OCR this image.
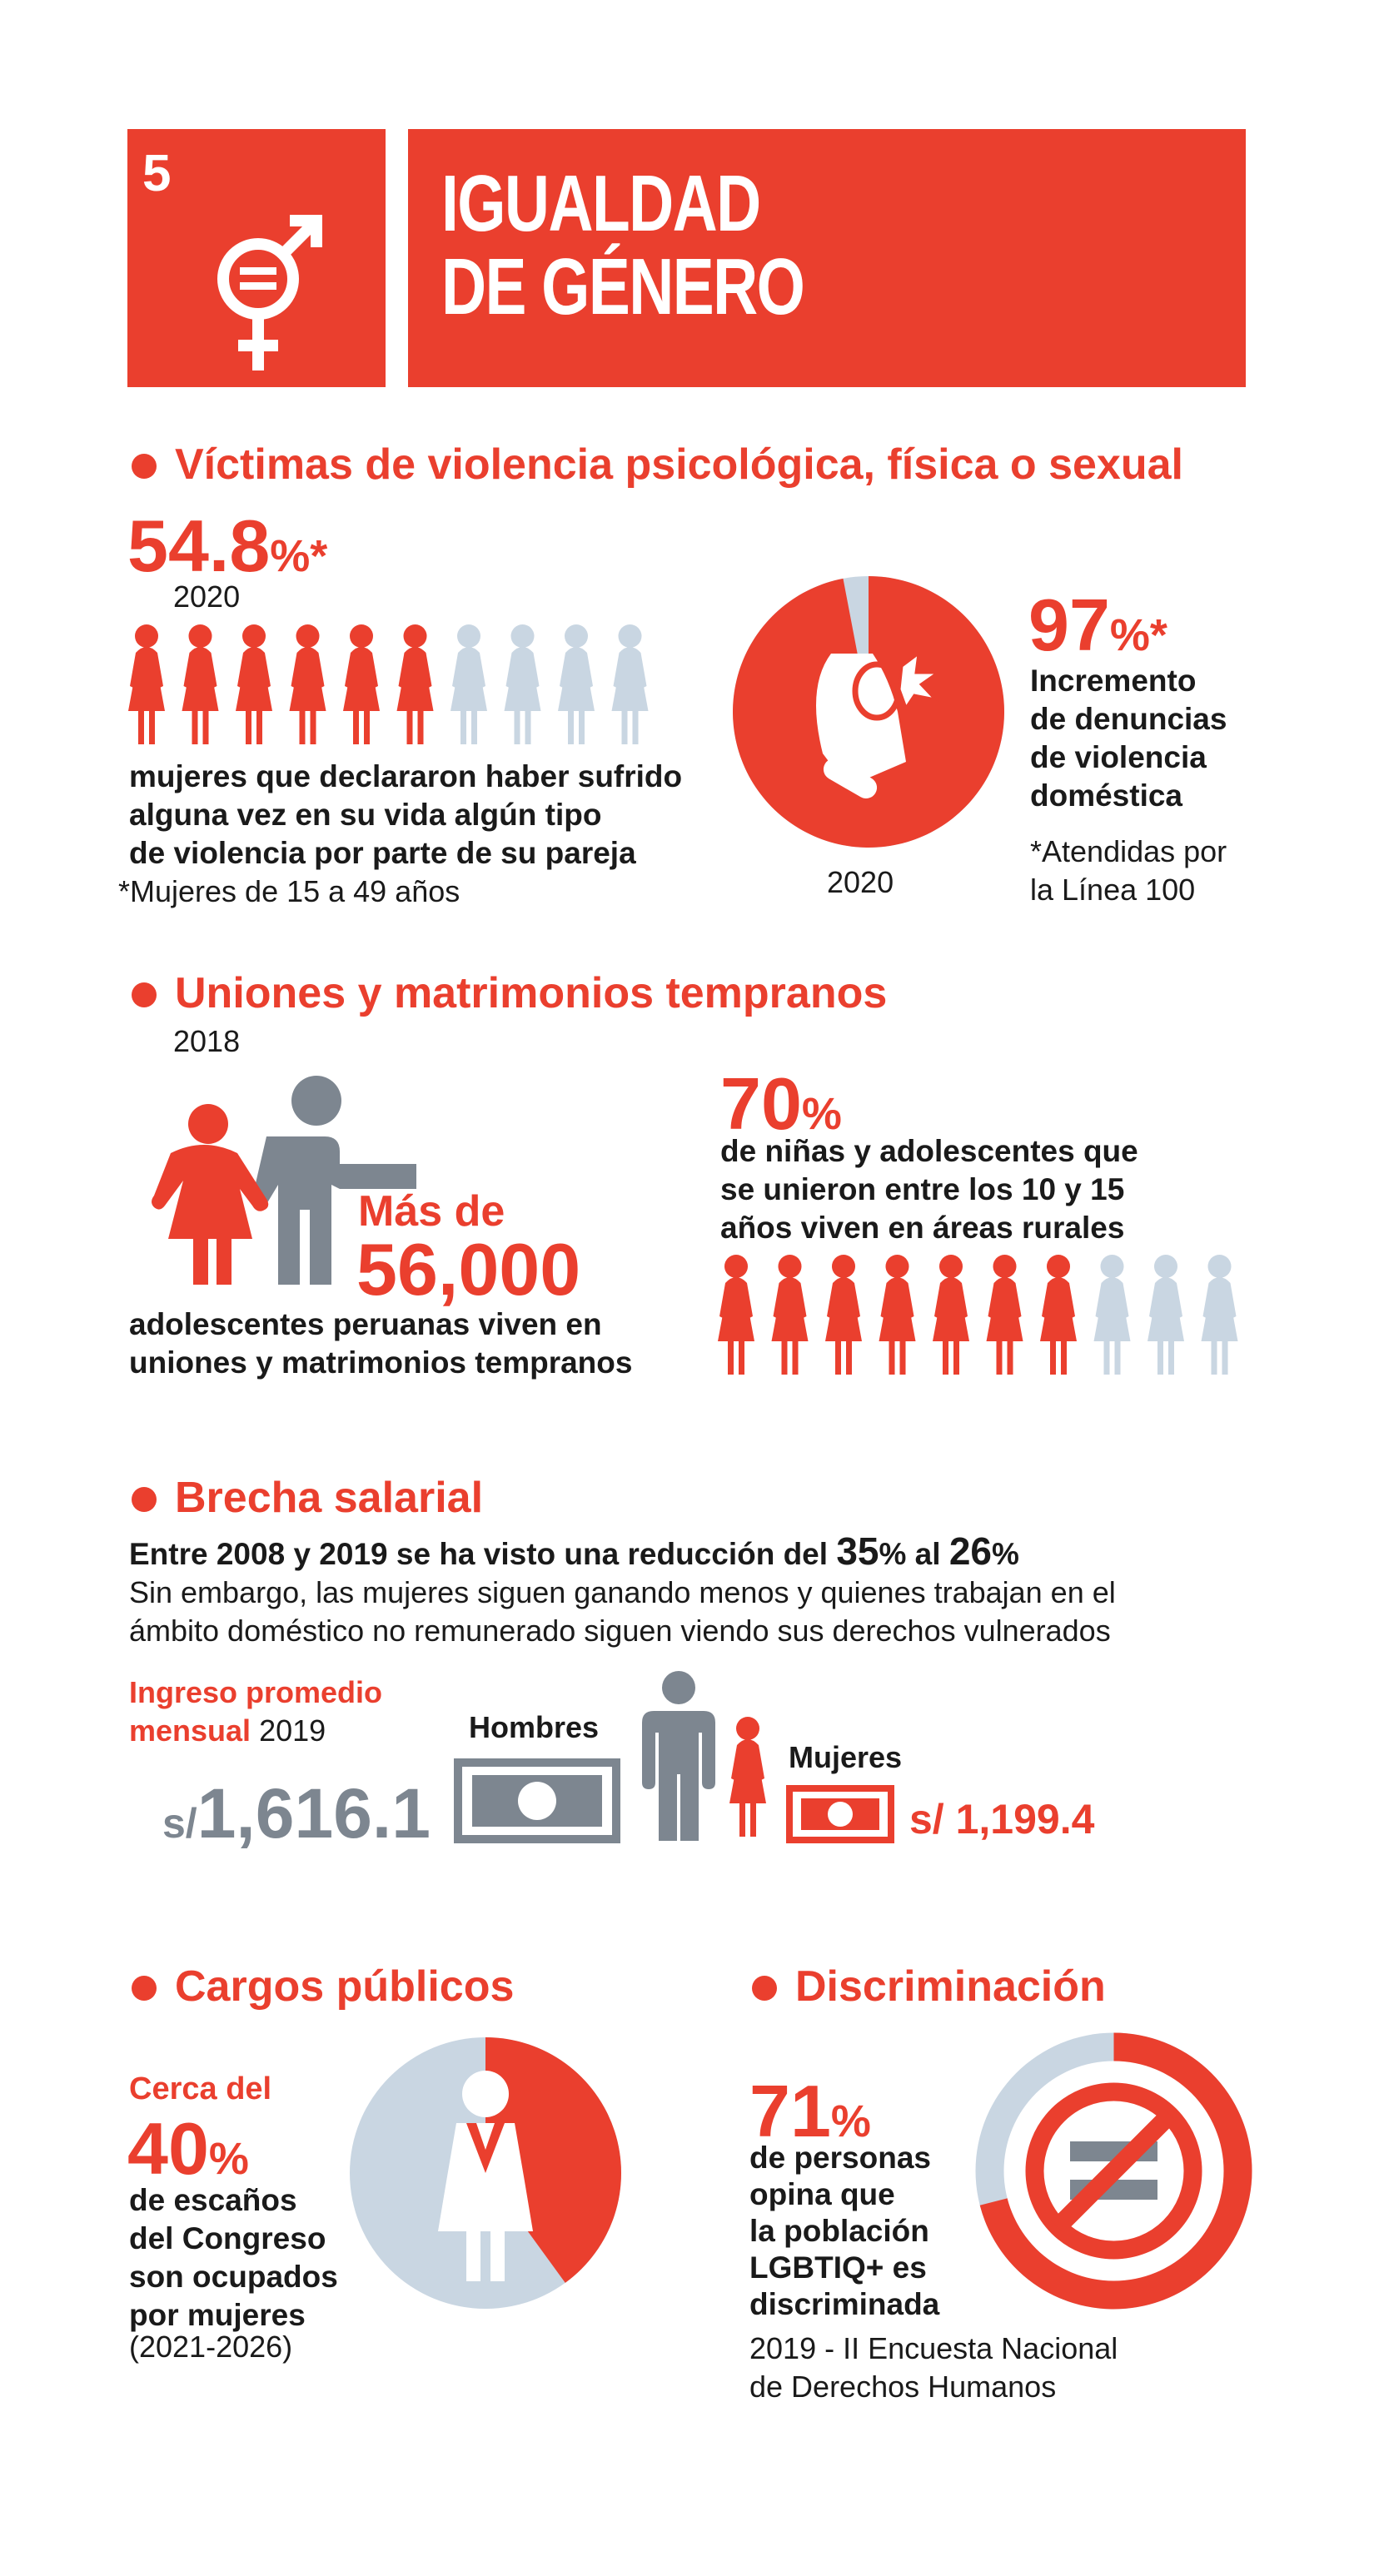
5	IGUALDAD
DE GÉNERO
Víctimas de violencia psicológica, física o sexual
54.8%*
2020
mujeres que declararon haber sufrido
alguna vez en su vida algún tipo
de violencia por parte de su pareja
*Mujeres de 15 a 49 años	2020
97%*
Incremento
de denuncias
de violencia
doméstica
*Atendidas por
la Línea 100
Uniones y matrimonios tempranos
2018
Más de
56,000
adolescentes peruanas viven en
uniones y matrimonios tempranos
70%
de niñas y adolescentes que
se unieron entre los 10 y 15
años viven en áreas rurales
Brecha salarial
Entre 2008 y 2019 se ha visto una reducción del 35% al 26%
Sin embargo, las mujeres siguen ganando menos y quienes trabajan en el
ámbito doméstico no remunerado siguen viendo sus derechos vulnerados
Ingreso promedio
mensual 2019
s/1,616.1
Hombres
Mujeres
s/ 1,199.4
Cargos públicos
Cerca del
40%
de escaños
del Congreso
son ocupados
por mujeres
(2021-2026)
Discriminación
71%
de personas
opina que
la población
LGBTIQ+ es
discriminada
2019 - II Encuesta Nacional
de Derechos Humanos
